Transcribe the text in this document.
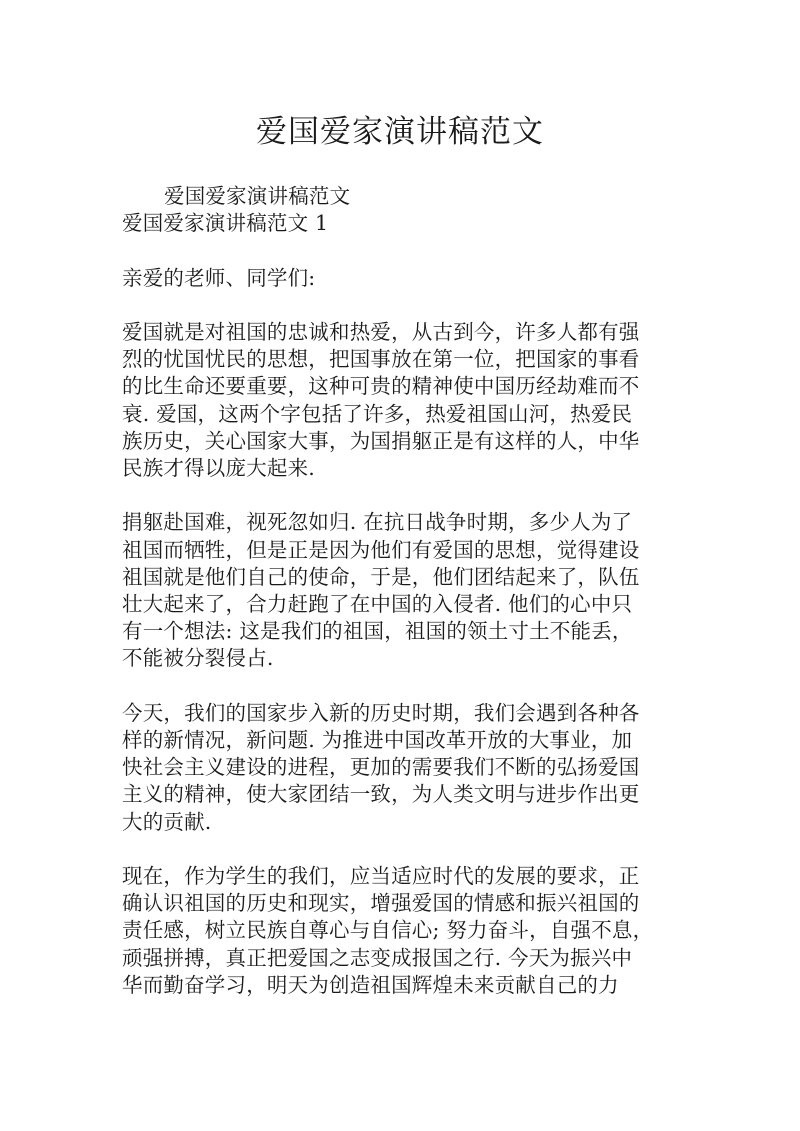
爱国爱家演讲稿范文

爱国爱家演讲稿范文

爱国爱家演讲稿范文 1

亲爱的老师、同学们:

爱国就是对祖国的忠诚和热爱，从古到今，许多人都有强

烈的忧国忧民的思想，把国事放在第一位，把国家的事看

的比生命还要重要，这种可贵的精神使中国历经劫难而不

衰. 爱国，这两个字包括了许多，热爱祖国山河，热爱民

族历史，关心国家大事，为国捐躯正是有这样的人，中华

民族才得以庞大起来.

捐躯赴国难，视死忽如归. 在抗日战争时期，多少人为了

祖国而牺牲，但是正是因为他们有爱国的思想，觉得建设

祖国就是他们自己的使命，于是，他们团结起来了，队伍

壮大起来了，合力赶跑了在中国的入侵者. 他们的心中只

有一个想法: 这是我们的祖国，祖国的领土寸土不能丢，

不能被分裂侵占.

今天，我们的国家步入新的历史时期，我们会遇到各种各

样的新情况，新问题. 为推进中国改革开放的大事业，加

快社会主义建设的进程，更加的需要我们不断的弘扬爱国

主义的精神，使大家团结一致，为人类文明与进步作出更

大的贡献.

现在，作为学生的我们，应当适应时代的发展的要求，正

确认识祖国的历史和现实，增强爱国的情感和振兴祖国的

责任感，树立民族自尊心与自信心; 努力奋斗，自强不息，

顽强拼搏，真正把爱国之志变成报国之行. 今天为振兴中

华而勤奋学习，明天为创造祖国辉煌未来贡献自己的力
